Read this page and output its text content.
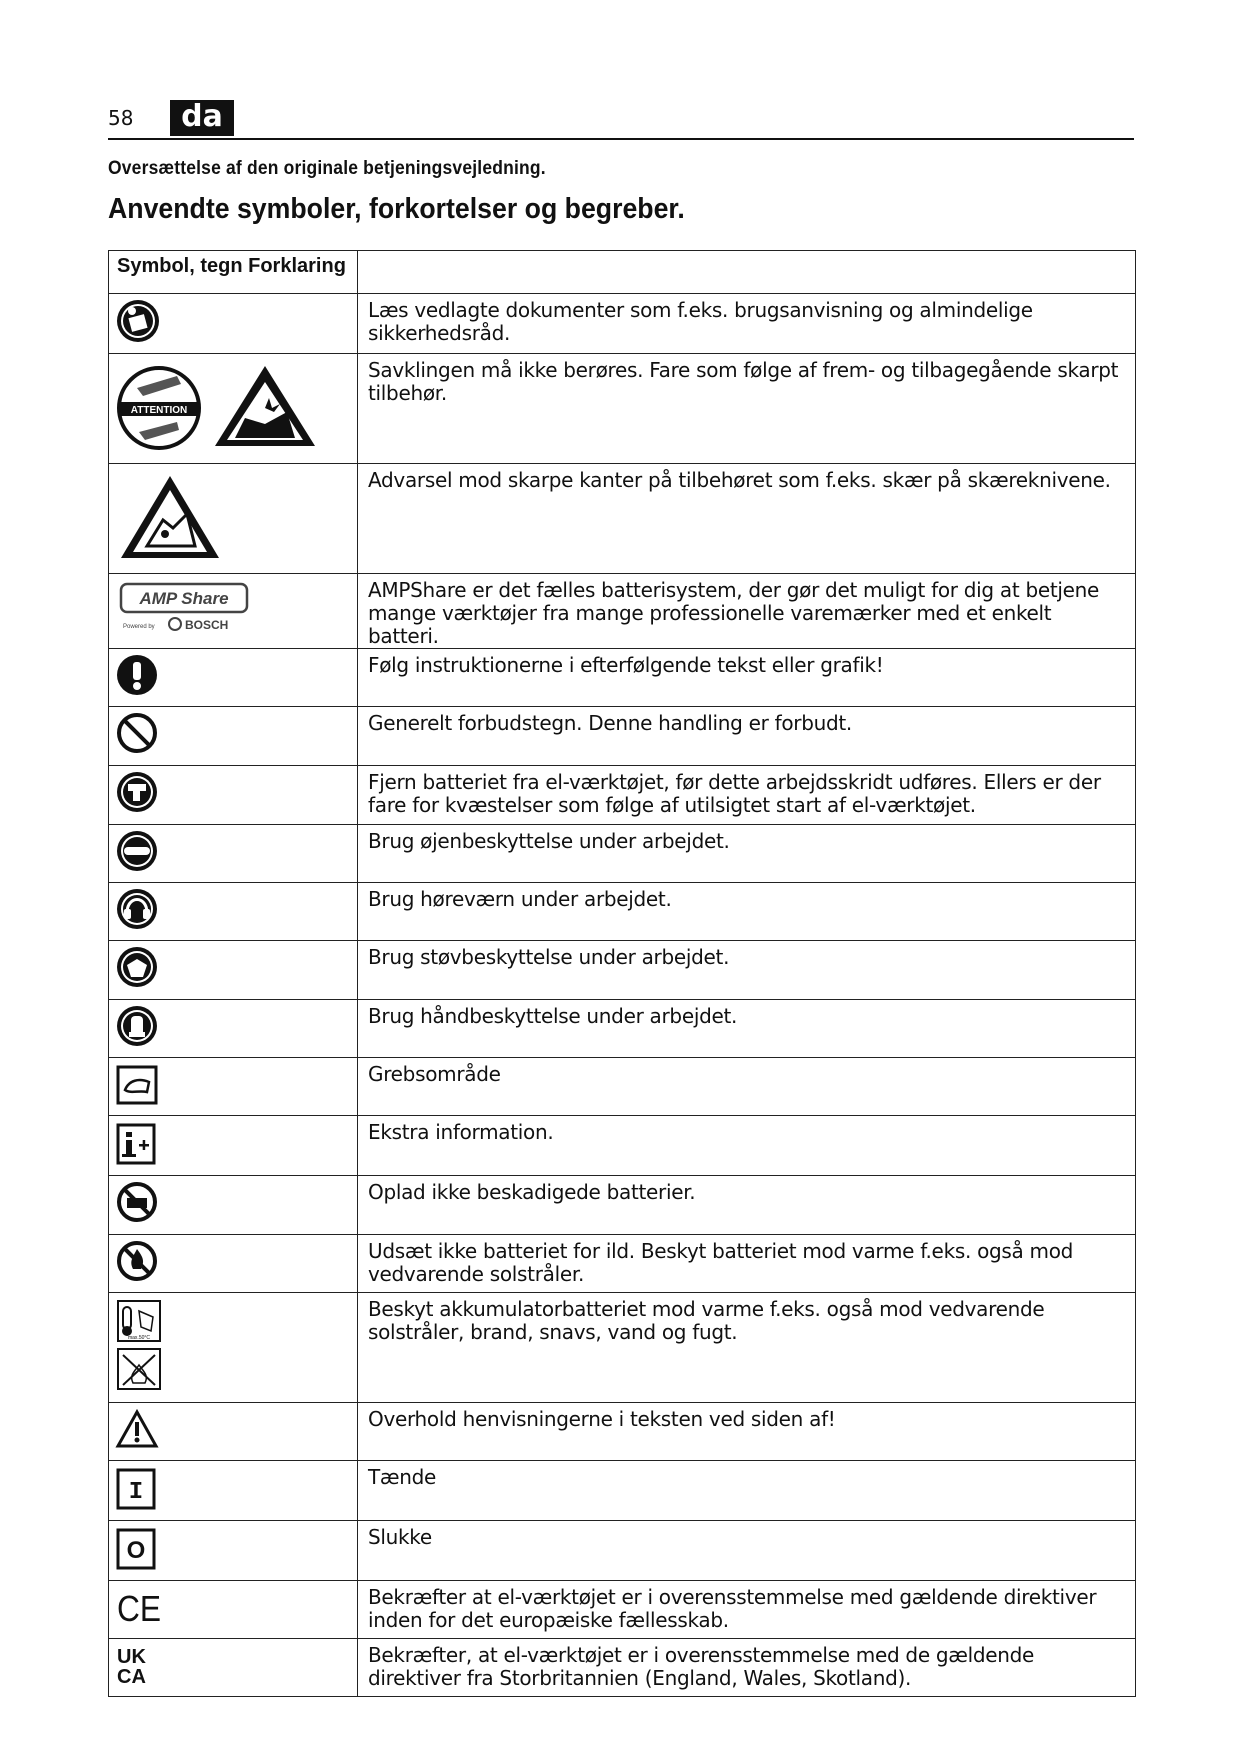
58	da
Oversættelse af den originale betjeningsvejledning.
Anvendte symboler, forkortelser og begreber.
Symbol, tegn Forklaring	

	Læs vedlagte dokumenter som f.eks. brugsanvisning og almindelige sikkerhedsråd.

ATTENTION	Savklingen må ikke berøres. Fare som følge af frem- og tilbagegående skarpt tilbehør.

	Advarsel mod skarpe kanter på tilbehøret som f.eks. skær på skæreknivene.

AMP Share
Powered by BOSCH	AMPShare er det fælles batterisystem, der gør det muligt for dig at betjene mange værktøjer fra mange professionelle varemærker med et enkelt batteri.

	Følg instruktionerne i efterfølgende tekst eller grafik!

	Generelt forbudstegn. Denne handling er forbudt.

	Fjern batteriet fra el-værktøjet, før dette arbejdsskridt udføres. Ellers er der fare for kvæstelser som følge af utilsigtet start af el-værktøjet.

	Brug øjenbeskyttelse under arbejdet.

	Brug høreværn under arbejdet.

	Brug støvbeskyttelse under arbejdet.

	Brug håndbeskyttelse under arbejdet.

	Grebsområde

	Ekstra information.

	Oplad ikke beskadigede batterier.

	Udsæt ikke batteriet for ild. Beskyt batteriet mod varme f.eks. også mod vedvarende solstråler.

max.50°C	Beskyt akkumulatorbatteriet mod varme f.eks. også mod vedvarende solstråler, brand, snavs, vand og fugt.

	Overhold henvisningerne i teksten ved siden af!

I	Tænde

O	Slukke

CE	Bekræfter at el-værktøjet er i overensstemmelse med gældende direktiver inden for det europæiske fællesskab.

UK
CA	Bekræfter, at el-værktøjet er i overensstemmelse med de gældende direktiver fra Storbritannien (England, Wales, Skotland).
